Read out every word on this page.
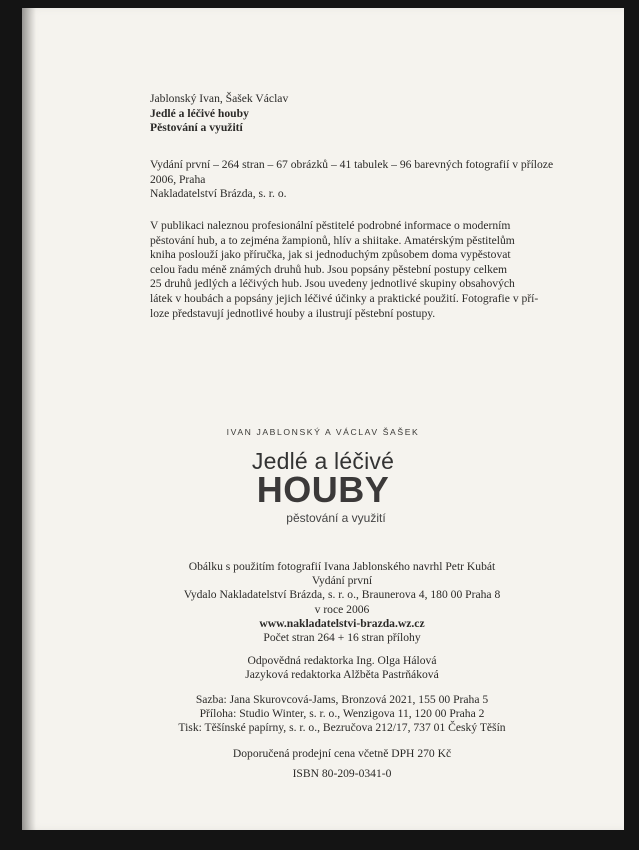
Jablonský Ivan, Šašek Václav
Jedlé a léčivé houby
Pěstování a využití
Vydání první – 264 stran – 67 obrázků – 41 tabulek – 96 barevných fotografií v příloze
2006, Praha
Nakladatelství Brázda, s. r. o.
V publikaci naleznou profesionální pěstitelé podrobné informace o moderním
pěstování hub, a to zejména žampionů, hlív a shiitake. Amatérským pěstitelům
kniha poslouží jako příručka, jak si jednoduchým způsobem doma vypěstovat
celou řadu méně známých druhů hub. Jsou popsány pěstební postupy celkem
25 druhů jedlých a léčivých hub. Jsou uvedeny jednotlivé skupiny obsahových
látek v houbách a popsány jejich léčivé účinky a praktické použití. Fotografie v pří-
loze představují jednotlivé houby a ilustrují pěstební postupy.
IVAN JABLONSKÝ A VÁCLAV ŠAŠEK
Jedlé a léčivé
HOUBY
pěstování a využití
Obálku s použitím fotografií Ivana Jablonského navrhl Petr Kubát
Vydání první
Vydalo Nakladatelství Brázda, s. r. o., Braunerova 4, 180 00 Praha 8
v roce 2006
www.nakladatelstvi-brazda.wz.cz
Počet stran 264 + 16 stran přílohy
Odpovědná redaktorka Ing. Olga Hálová
Jazyková redaktorka Alžběta Pastrňáková
Sazba: Jana Skurovcová-Jams, Bronzová 2021, 155 00 Praha 5
Příloha: Studio Winter, s. r. o., Wenzigova 11, 120 00 Praha 2
Tisk: Těšínské papírny, s. r. o., Bezručova 212/17, 737 01 Český Těšín
Doporučená prodejní cena včetně DPH 270 Kč
ISBN 80-209-0341-0
